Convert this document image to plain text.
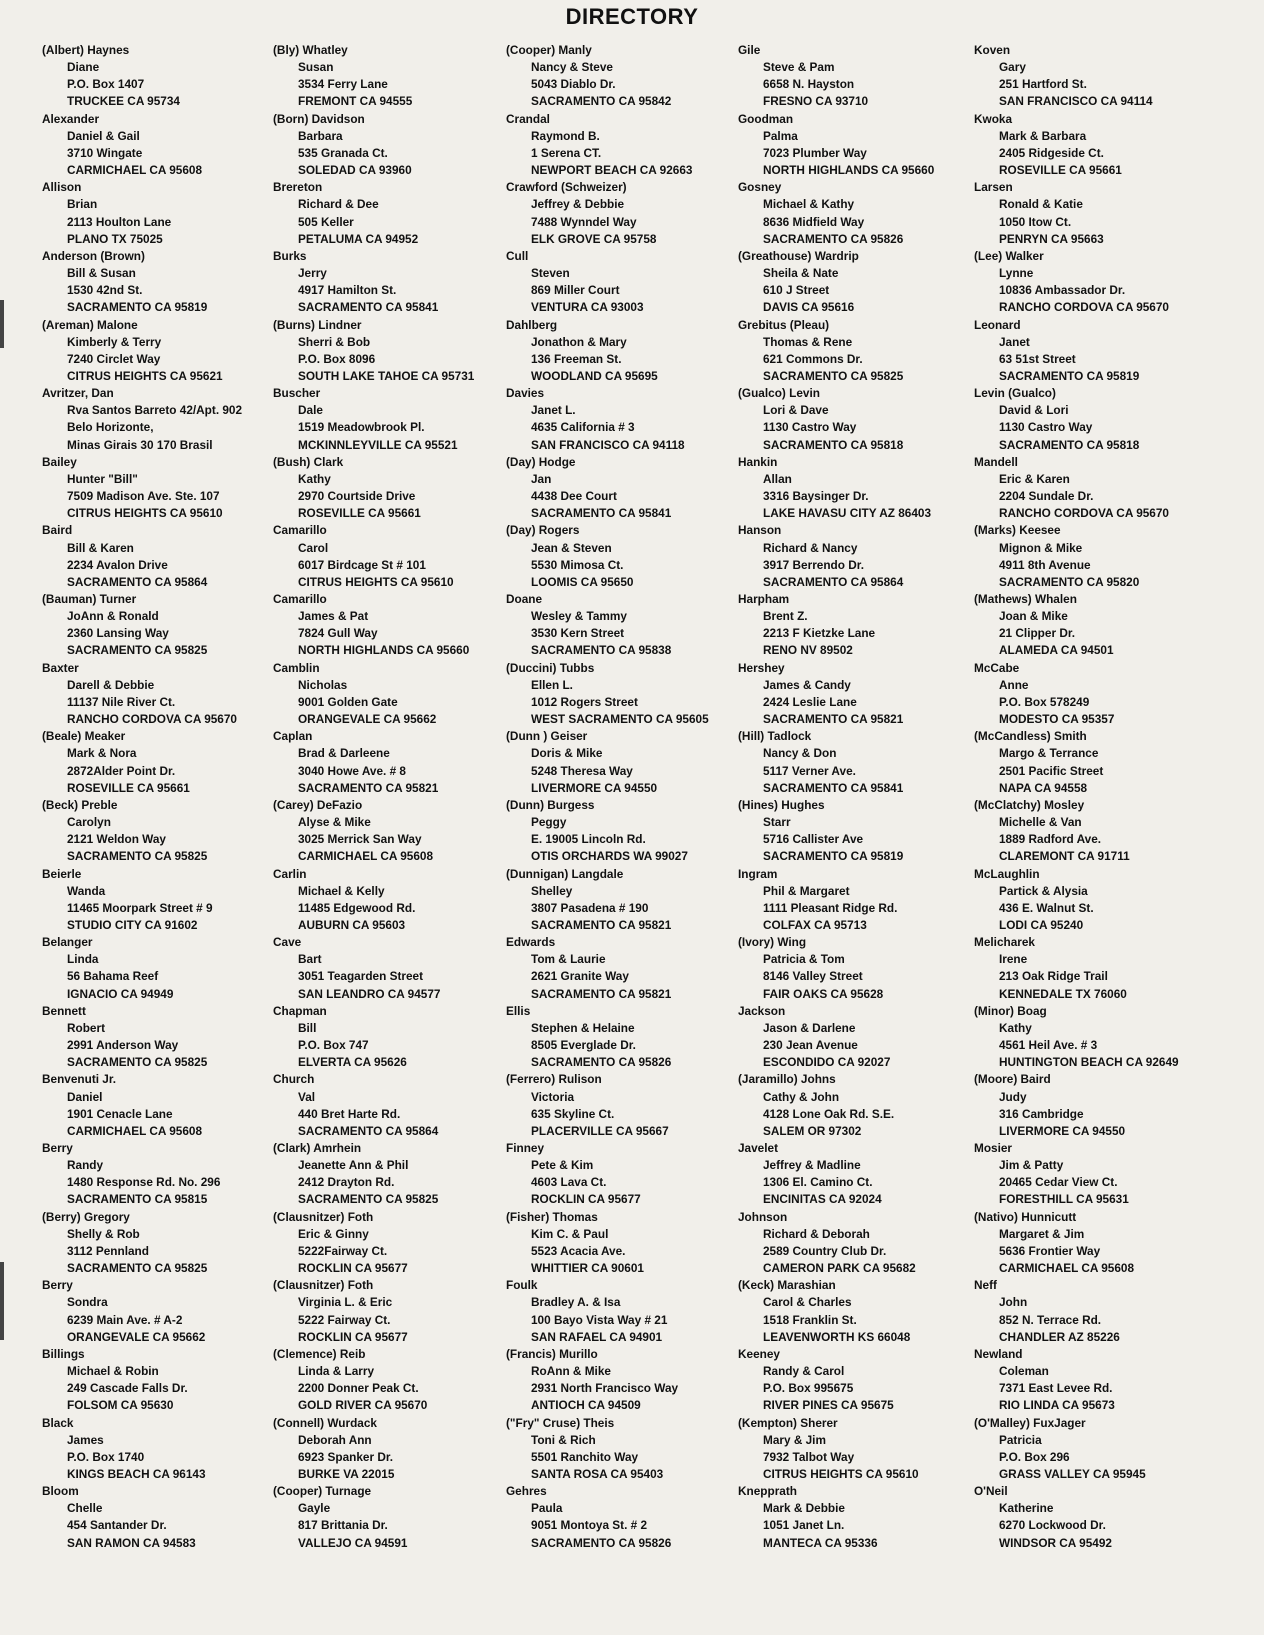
DIRECTORY
(Albert) Haynes
Diane
P.O. Box 1407
TRUCKEE CA 95734
Alexander
Daniel & Gail
3710 Wingate
CARMICHAEL CA 95608
Allison
Brian
2113 Houlton Lane
PLANO TX 75025
Anderson (Brown)
Bill & Susan
1530 42nd St.
SACRAMENTO CA 95819
(Areman) Malone
Kimberly & Terry
7240 Circlet Way
CITRUS HEIGHTS CA 95621
Avritzer, Dan
Rva Santos Barreto 42/Apt. 902
Belo Horizonte,
Minas Girais 30 170 Brasil
Bailey
Hunter "Bill"
7509 Madison Ave. Ste. 107
CITRUS HEIGHTS CA 95610
Baird
Bill & Karen
2234 Avalon Drive
SACRAMENTO CA 95864
(Bauman) Turner
JoAnn & Ronald
2360 Lansing Way
SACRAMENTO CA 95825
Baxter
Darell & Debbie
11137 Nile River Ct.
RANCHO CORDOVA CA 95670
(Beale) Meaker
Mark & Nora
2872Alder Point Dr.
ROSEVILLE CA 95661
(Beck) Preble
Carolyn
2121 Weldon Way
SACRAMENTO CA 95825
Beierle
Wanda
11465 Moorpark Street # 9
STUDIO CITY CA 91602
Belanger
Linda
56 Bahama Reef
IGNACIO CA 94949
Bennett
Robert
2991 Anderson Way
SACRAMENTO CA 95825
Benvenuti Jr.
Daniel
1901 Cenacle Lane
CARMICHAEL CA 95608
Berry
Randy
1480 Response Rd. No. 296
SACRAMENTO CA 95815
(Berry) Gregory
Shelly & Rob
3112 Pennland
SACRAMENTO CA 95825
Berry
Sondra
6239 Main Ave. # A-2
ORANGEVALE CA 95662
Billings
Michael & Robin
249 Cascade Falls Dr.
FOLSOM CA 95630
Black
James
P.O. Box 1740
KINGS BEACH CA 96143
Bloom
Chelle
454 Santander Dr.
SAN RAMON CA 94583
(Bly) Whatley
Susan
3534 Ferry Lane
FREMONT CA 94555
(Born) Davidson
Barbara
535 Granada Ct.
SOLEDAD CA 93960
Brereton
Richard & Dee
505 Keller
PETALUMA CA 94952
Burks
Jerry
4917 Hamilton St.
SACRAMENTO CA 95841
(Burns) Lindner
Sherri & Bob
P.O. Box 8096
SOUTH LAKE TAHOE CA 95731
Buscher
Dale
1519 Meadowbrook Pl.
MCKINNLEYVILLE CA 95521
(Bush) Clark
Kathy
2970 Courtside Drive
ROSEVILLE CA 95661
Camarillo
Carol
6017 Birdcage St # 101
CITRUS HEIGHTS CA 95610
Camarillo
James & Pat
7824 Gull Way
NORTH HIGHLANDS CA 95660
Camblin
Nicholas
9001 Golden Gate
ORANGEVALE CA 95662
Caplan
Brad & Darleene
3040 Howe Ave. # 8
SACRAMENTO CA 95821
(Carey) DeFazio
Alyse & Mike
3025 Merrick San Way
CARMICHAEL CA 95608
Carlin
Michael & Kelly
11485 Edgewood Rd.
AUBURN CA 95603
Cave
Bart
3051 Teagarden Street
SAN LEANDRO CA 94577
Chapman
Bill
P.O. Box 747
ELVERTA CA 95626
Church
Val
440 Bret Harte Rd.
SACRAMENTO CA 95864
(Clark) Amrhein
Jeanette Ann & Phil
2412 Drayton Rd.
SACRAMENTO CA 95825
(Clausnitzer) Foth
Eric & Ginny
5222Fairway Ct.
ROCKLIN CA 95677
(Clausnitzer) Foth
Virginia L. & Eric
5222 Fairway Ct.
ROCKLIN CA 95677
(Clemence) Reib
Linda & Larry
2200 Donner Peak Ct.
GOLD RIVER CA 95670
(Connell) Wurdack
Deborah Ann
6923 Spanker Dr.
BURKE VA 22015
(Cooper) Turnage
Gayle
817 Brittania Dr.
VALLEJO CA 94591
(Cooper) Manly
Nancy & Steve
5043 Diablo Dr.
SACRAMENTO CA 95842
Crandal
Raymond B.
1 Serena CT.
NEWPORT BEACH CA 92663
Crawford (Schweizer)
Jeffrey & Debbie
7488 Wynndel Way
ELK GROVE CA 95758
Cull
Steven
869 Miller Court
VENTURA CA 93003
Dahlberg
Jonathon & Mary
136 Freeman St.
WOODLAND CA 95695
Davies
Janet L.
4635 California # 3
SAN FRANCISCO CA 94118
(Day) Hodge
Jan
4438 Dee Court
SACRAMENTO CA 95841
(Day) Rogers
Jean & Steven
5530 Mimosa Ct.
LOOMIS CA 95650
Doane
Wesley & Tammy
3530 Kern Street
SACRAMENTO CA 95838
(Duccini) Tubbs
Ellen L.
1012 Rogers Street
WEST SACRAMENTO CA 95605
(Dunn ) Geiser
Doris & Mike
5248 Theresa Way
LIVERMORE CA 94550
(Dunn) Burgess
Peggy
E. 19005 Lincoln Rd.
OTIS ORCHARDS WA 99027
(Dunnigan) Langdale
Shelley
3807 Pasadena # 190
SACRAMENTO CA 95821
Edwards
Tom & Laurie
2621 Granite Way
SACRAMENTO CA 95821
Ellis
Stephen & Helaine
8505 Everglade Dr.
SACRAMENTO CA 95826
(Ferrero) Rulison
Victoria
635 Skyline Ct.
PLACERVILLE CA 95667
Finney
Pete & Kim
4603 Lava Ct.
ROCKLIN CA 95677
(Fisher) Thomas
Kim C. & Paul
5523 Acacia Ave.
WHITTIER CA 90601
Foulk
Bradley A. & Isa
100 Bayo Vista Way # 21
SAN RAFAEL CA 94901
(Francis) Murillo
RoAnn & Mike
2931 North Francisco Way
ANTIOCH CA 94509
("Fry" Cruse) Theis
Toni & Rich
5501 Ranchito Way
SANTA ROSA CA 95403
Gehres
Paula
9051 Montoya St. # 2
SACRAMENTO CA 95826
Gile
Steve & Pam
6658 N. Hayston
FRESNO CA 93710
Goodman
Palma
7023 Plumber Way
NORTH HIGHLANDS CA 95660
Gosney
Michael & Kathy
8636 Midfield Way
SACRAMENTO CA 95826
(Greathouse) Wardrip
Sheila & Nate
610 J Street
DAVIS CA 95616
Grebitus (Pleau)
Thomas & Rene
621 Commons Dr.
SACRAMENTO CA 95825
(Gualco) Levin
Lori & Dave
1130 Castro Way
SACRAMENTO CA 95818
Hankin
Allan
3316 Baysinger Dr.
LAKE HAVASU CITY AZ 86403
Hanson
Richard & Nancy
3917 Berrendo Dr.
SACRAMENTO CA 95864
Harpham
Brent Z.
2213 F Kietzke Lane
RENO NV 89502
Hershey
James & Candy
2424 Leslie Lane
SACRAMENTO CA 95821
(Hill) Tadlock
Nancy & Don
5117 Verner Ave.
SACRAMENTO CA 95841
(Hines) Hughes
Starr
5716 Callister Ave
SACRAMENTO CA 95819
Ingram
Phil & Margaret
1111 Pleasant Ridge Rd.
COLFAX CA 95713
(Ivory) Wing
Patricia & Tom
8146 Valley Street
FAIR OAKS CA 95628
Jackson
Jason & Darlene
230 Jean Avenue
ESCONDIDO CA 92027
(Jaramillo) Johns
Cathy & John
4128 Lone Oak Rd. S.E.
SALEM OR 97302
Javelet
Jeffrey & Madline
1306 El. Camino Ct.
ENCINITAS CA 92024
Johnson
Richard & Deborah
2589 Country Club Dr.
CAMERON PARK CA 95682
(Keck) Marashian
Carol & Charles
1518 Franklin St.
LEAVENWORTH KS 66048
Keeney
Randy & Carol
P.O. Box 995675
RIVER PINES CA 95675
(Kempton) Sherer
Mary & Jim
7932 Talbot Way
CITRUS HEIGHTS CA 95610
Knepprath
Mark & Debbie
1051 Janet Ln.
MANTECA CA 95336
Koven
Gary
251 Hartford St.
SAN FRANCISCO CA 94114
Kwoka
Mark & Barbara
2405 Ridgeside Ct.
ROSEVILLE CA 95661
Larsen
Ronald & Katie
1050 Itow Ct.
PENRYN CA 95663
(Lee) Walker
Lynne
10836 Ambassador Dr.
RANCHO CORDOVA CA 95670
Leonard
Janet
63 51st Street
SACRAMENTO CA 95819
Levin (Gualco)
David & Lori
1130 Castro Way
SACRAMENTO CA 95818
Mandell
Eric & Karen
2204 Sundale Dr.
RANCHO CORDOVA CA 95670
(Marks) Keesee
Mignon & Mike
4911 8th Avenue
SACRAMENTO CA 95820
(Mathews) Whalen
Joan & Mike
21 Clipper Dr.
ALAMEDA CA 94501
McCabe
Anne
P.O. Box 578249
MODESTO CA 95357
(McCandless) Smith
Margo & Terrance
2501 Pacific Street
NAPA CA 94558
(McClatchy) Mosley
Michelle & Van
1889 Radford Ave.
CLAREMONT CA 91711
McLaughlin
Partick & Alysia
436 E. Walnut St.
LODI CA 95240
Melicharek
Irene
213 Oak Ridge Trail
KENNEDALE TX 76060
(Minor) Boag
Kathy
4561 Heil Ave. # 3
HUNTINGTON BEACH CA 92649
(Moore) Baird
Judy
316 Cambridge
LIVERMORE CA 94550
Mosier
Jim & Patty
20465 Cedar View Ct.
FORESTHILL CA 95631
(Nativo) Hunnicutt
Margaret & Jim
5636 Frontier Way
CARMICHAEL CA 95608
Neff
John
852 N. Terrace Rd.
CHANDLER AZ 85226
Newland
Coleman
7371 East Levee Rd.
RIO LINDA CA 95673
(O'Malley) FuxJager
Patricia
P.O. Box 296
GRASS VALLEY CA 95945
O'Neil
Katherine
6270 Lockwood Dr.
WINDSOR CA 95492
